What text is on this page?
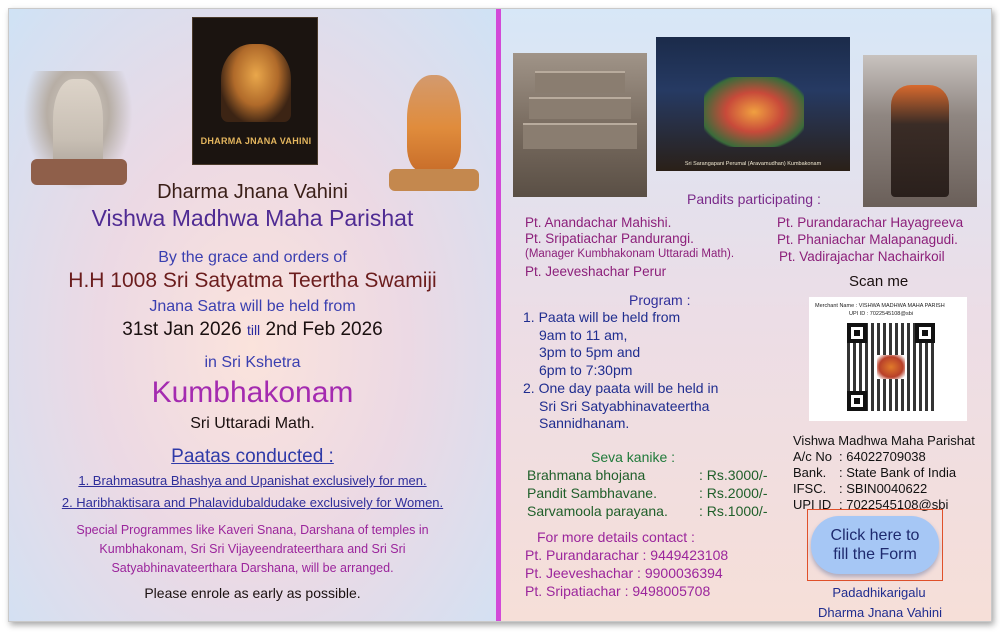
DHARMA JNANA VAHINI
Dharma Jnana Vahini
Vishwa Madhwa Maha Parishat
By the grace and orders of
H.H 1008 Sri Satyatma Teertha Swamiji
Jnana Satra will be held from
31st Jan 2026 till 2nd Feb 2026
in Sri Kshetra
Kumbhakonam
Sri Uttaradi Math.
Paatas conducted :
1. Brahmasutra Bhashya and Upanishat exclusively for men.
2. Haribhaktisara and Phalavidubaldudake exclusively for Women.
Special Programmes like Kaveri Snana, Darshana of temples in
Kumbhakonam, Sri Sri Vijayeendrateerthara and Sri Sri
Satyabhinavateerthara Darshana, will be arranged.
Please enrole as early as possible.
Sri Sarangapani Perumal (Aravamudhan) Kumbakonam
Pandits participating :
Pt. Anandachar Mahishi.
Pt. Sripatiachar Pandurangi.
(Manager Kumbhakonam Uttaradi Math).
Pt. Jeeveshachar Perur
Pt. Purandarachar Hayagreeva
Pt. Phaniachar Malapanagudi.
Pt. Vadirajachar Nachairkoil
Scan me
Program :
1. Paata will be held from
9am to 11 am,
3pm to 5pm and
6pm to 7:30pm
2. One day paata will be held in
Sri Sri Satyabhinavateertha
Sannidhanam.
Merchant Name : VISHWA MADHWA MAHA PARISH
UPI ID : 7022545108@sbi
Seva kanike :
Brahmana bhojana	: Rs.3000/-
Pandit Sambhavane.	: Rs.2000/-
Sarvamoola parayana. : Rs.1000/-
For more details contact :
Pt. Purandarachar : 9449423108
Pt. Jeeveshachar : 9900036394
Pt. Sripatiachar : 9498005708
Vishwa Madhwa Maha Parishat
A/c No : 64022709038
Bank. : State Bank of India
IFSC. : SBIN0040622
UPI ID : 7022545108@sbi
Click here to
fill the Form
Padadhikarigalu
Dharma Jnana Vahini
